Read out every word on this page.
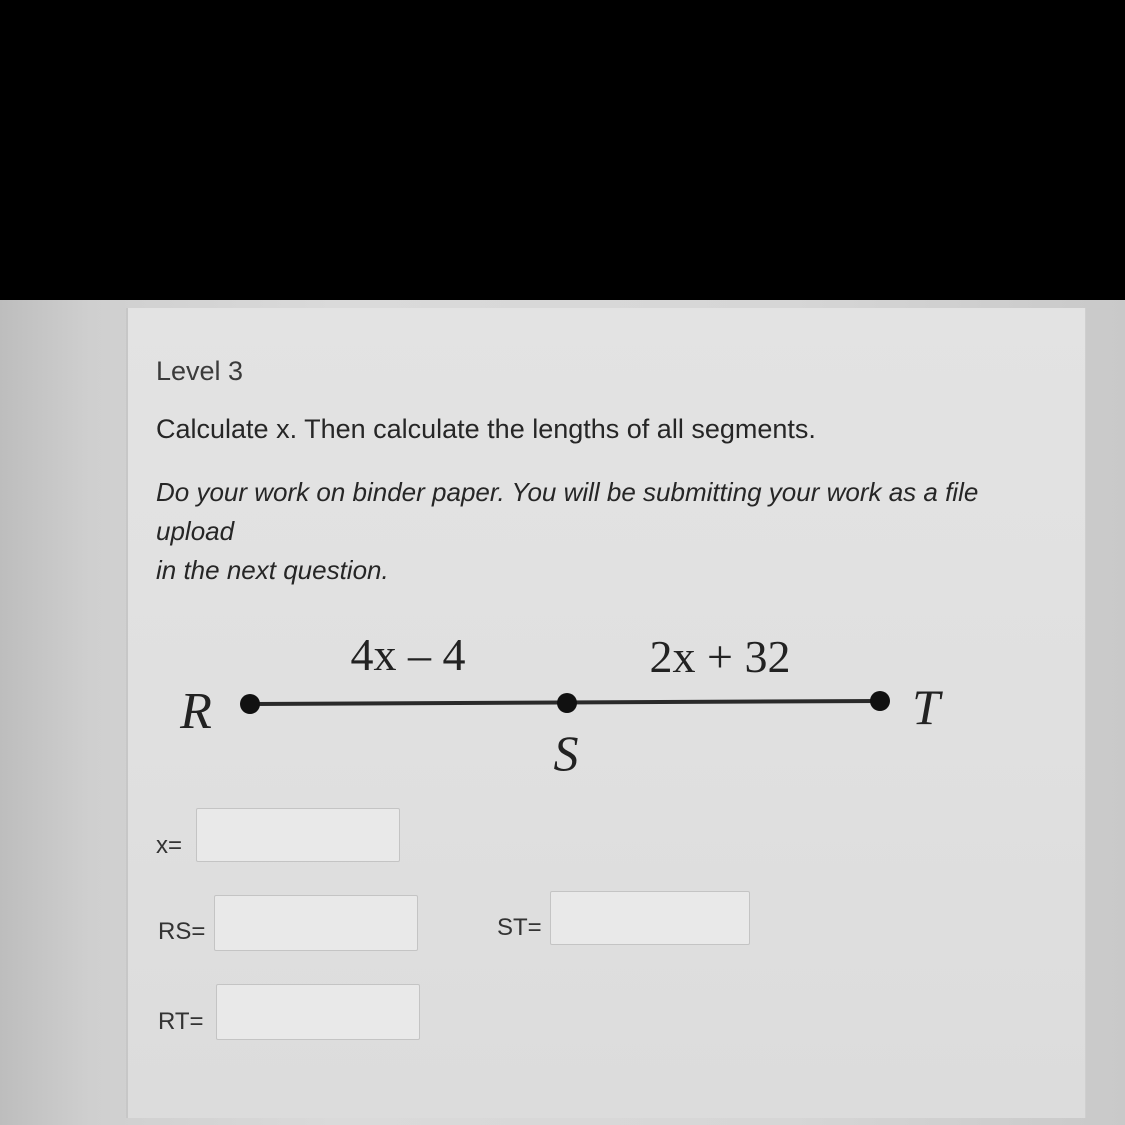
Level 3
Calculate x. Then calculate the lengths of all segments.
Do your work on binder paper. You will be submitting your work as a file upload
in the next question.
4x – 4	2x + 32
R
S
T
x=
RS=	ST=
RT=
